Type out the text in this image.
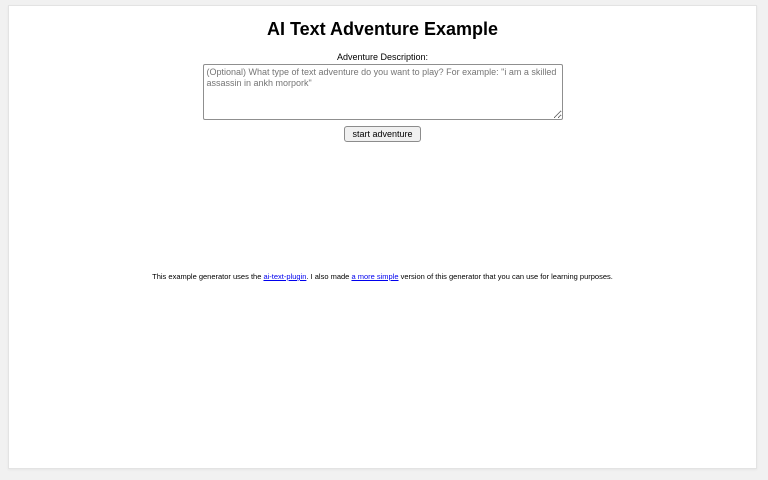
AI Text Adventure Example
Adventure Description:
(Optional) What type of text adventure do you want to play? For example: "i am a skilled assassin in ankh morpork"
start adventure

This example generator uses the ai-text-plugin. I also made a more simple version of this generator that you can use for learning purposes.
